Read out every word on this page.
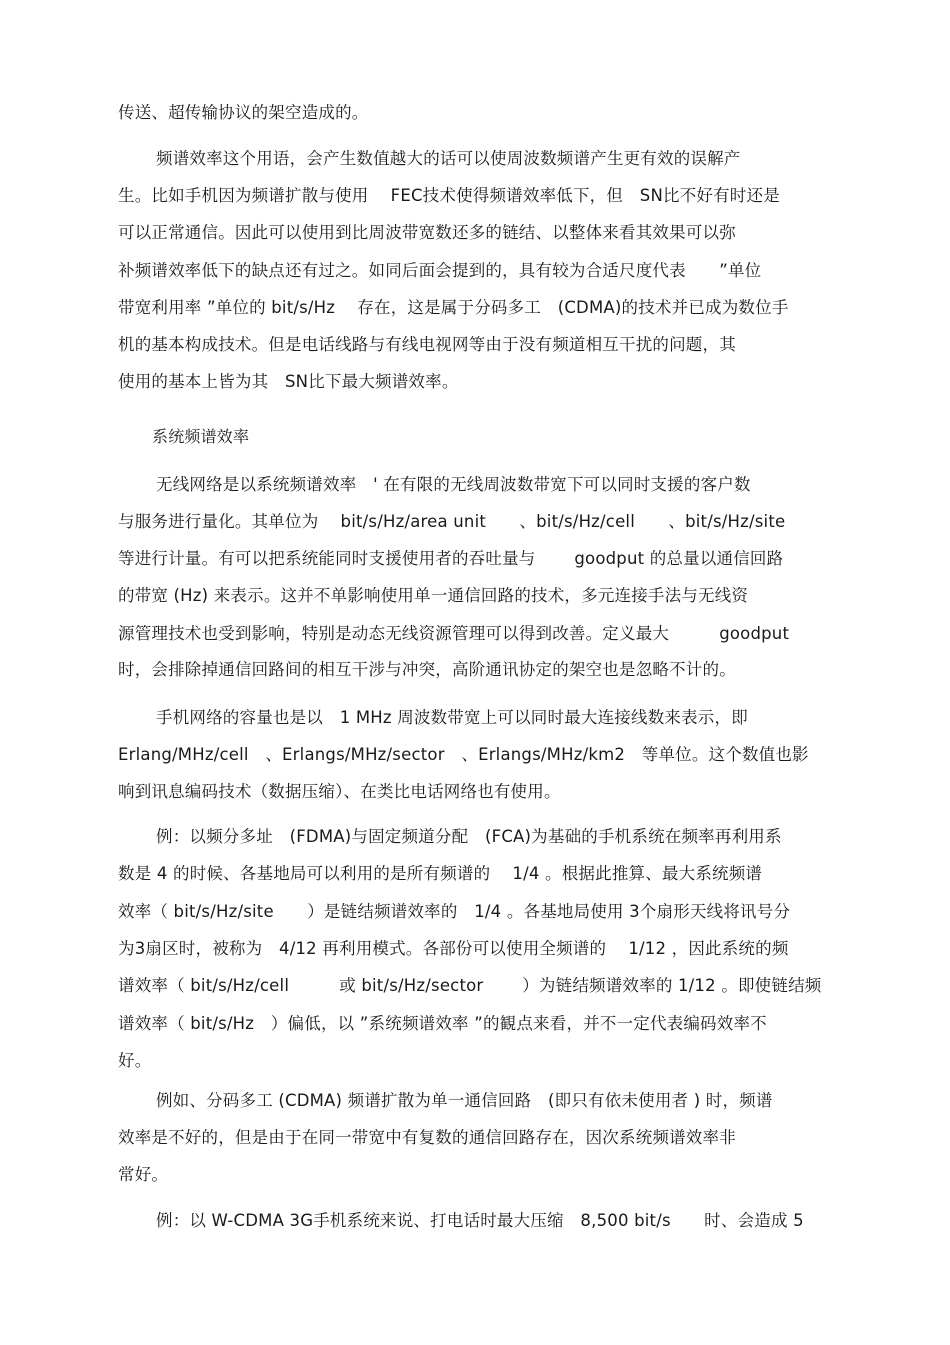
传送、超传输协议的架空造成的。
频谱效率这个用语，会产生数值越大的话可以使周波数频谱产生更有效的误解产
生。比如手机因为频谱扩散与使用　 FEC技术使得频谱效率低下，但　SN比不好有时还是
可以正常通信。因此可以使用到比周波带宽数还多的链结、以整体来看其效果可以弥
补频谱效率低下的缺点还有过之。如同后面会提到的，具有较为合适尺度代表　　”单位
带宽利用率 ”单位的 bit/s/Hz　 存在，这是属于分码多工　(CDMA)的技术并已成为数位手
机的基本构成技术。但是电话线路与有线电视网等由于没有频道相互干扰的问题，其
使用的基本上皆为其　SN比下最大频谱效率。
系统频谱效率
无线网络是以系统频谱效率　' 在有限的无线周波数带宽下可以同时支援的客户数
与服务进行量化。其单位为　 bit/s/Hz/area unit　　、bit/s/Hz/cell　　、bit/s/Hz/site
等进行计量。有可以把系统能同时支援使用者的吞吐量与　　 goodput 的总量以通信回路
的带宽 (Hz) 来表示。这并不单影响使用单一通信回路的技术，多元连接手法与无线资
源管理技术也受到影响，特别是动态无线资源管理可以得到改善。定义最大　　　goodput
时，会排除掉通信回路间的相互干涉与冲突，高阶通讯协定的架空也是忽略不计的。
手机网络的容量也是以　1 MHz 周波数带宽上可以同时最大连接线数来表示，即
Erlang/MHz/cell　、Erlangs/MHz/sector　、Erlangs/MHz/km2　等单位。这个数值也影
响到讯息编码技术（数据压缩）、在类比电话网络也有使用。
例：以频分多址　(FDMA)与固定频道分配　(FCA)为基础的手机系统在频率再利用系
数是 4 的时候、各基地局可以利用的是所有频谱的　 1/4 。根据此推算、最大系统频谱
效率（ bit/s/Hz/site　　）是链结频谱效率的　1/4 。各基地局使用 3个扇形天线将讯号分
为3扇区时，被称为　4/12 再利用模式。各部份可以使用全频谱的　 1/12 ，因此系统的频
谱效率（ bit/s/Hz/cell　　　或 bit/s/Hz/sector　　 ）为链结频谱效率的 1/12 。即使链结频
谱效率（ bit/s/Hz　）偏低，以 ”系统频谱效率 ”的観点来看，并不一定代表编码效率不
好。
例如、分码多工 (CDMA) 频谱扩散为单一通信回路　(即只有依未使用者 ) 时，频谱
效率是不好的，但是由于在同一带宽中有复数的通信回路存在，因次系统频谱效率非
常好。
例：以 W-CDMA 3G手机系统来说、打电话时最大压缩　8,500 bit/s　　时、会造成 5
